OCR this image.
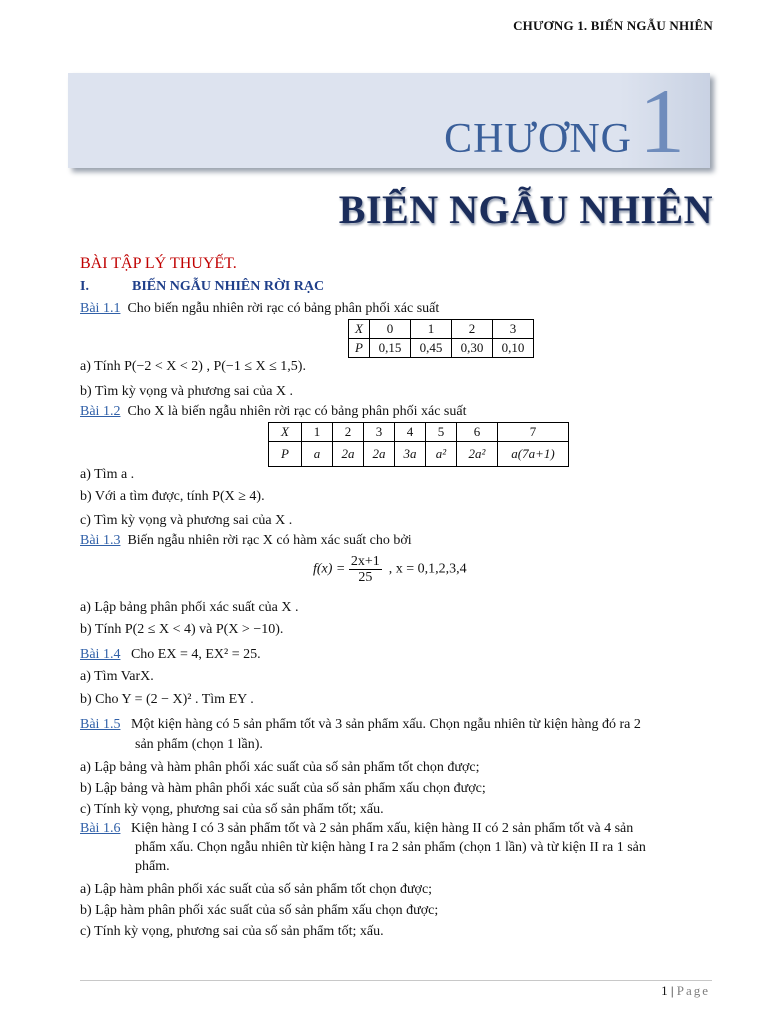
CHƯƠNG 1. BIẾN NGẪU NHIÊN
CHƯƠNG 1
BIẾN NGẪU NHIÊN
BÀI TẬP LÝ THUYẾT.
I.	BIẾN NGẪU NHIÊN RỜI RẠC
Bài 1.1 Cho biến ngẫu nhiên rời rạc có bảng phân phối xác suất
X	0	1	2	3
P	0,15	0,45	0,30	0,10
a) Tính P(−2 < X < 2) , P(−1 ≤ X ≤ 1,5).
b) Tìm kỳ vọng và phương sai của X .
Bài 1.2 Cho X là biến ngẫu nhiên rời rạc có bảng phân phối xác suất
X	1	2	3	4	5	6	7
P	a	2a	2a	3a	a²	2a²	a(7a+1)
a) Tìm a .
b) Với a tìm được, tính P(X ≥ 4).
c) Tìm kỳ vọng và phương sai của X .
Bài 1.3 Biến ngẫu nhiên rời rạc X có hàm xác suất cho bởi
$f(x) = \frac{2x+1}{25}$ , x = 0,1,2,3,4
a) Lập bảng phân phối xác suất của X .
b) Tính P(2 ≤ X < 4) và P(X > −10).
Bài 1.4 Cho EX = 4, EX² = 25.
a) Tìm VarX.
b) Cho Y = (2 − X)² . Tìm EY .
Bài 1.5 Một kiện hàng có 5 sản phẩm tốt và 3 sản phẩm xấu. Chọn ngẫu nhiên từ kiện hàng đó ra 2
sản phẩm (chọn 1 lần).
a) Lập bảng và hàm phân phối xác suất của số sản phẩm tốt chọn được;
b) Lập bảng và hàm phân phối xác suất của số sản phẩm xấu chọn được;
c) Tính kỳ vọng, phương sai của số sản phẩm tốt; xấu.
Bài 1.6 Kiện hàng I có 3 sản phẩm tốt và 2 sản phẩm xấu, kiện hàng II có 2 sản phẩm tốt và 4 sản
phẩm xấu. Chọn ngẫu nhiên từ kiện hàng I ra 2 sản phẩm (chọn 1 lần) và từ kiện II ra 1 sản
phẩm.
a) Lập hàm phân phối xác suất của số sản phẩm tốt chọn được;
b) Lập hàm phân phối xác suất của số sản phẩm xấu chọn được;
c) Tính kỳ vọng, phương sai của số sản phẩm tốt; xấu.
1 | Page
